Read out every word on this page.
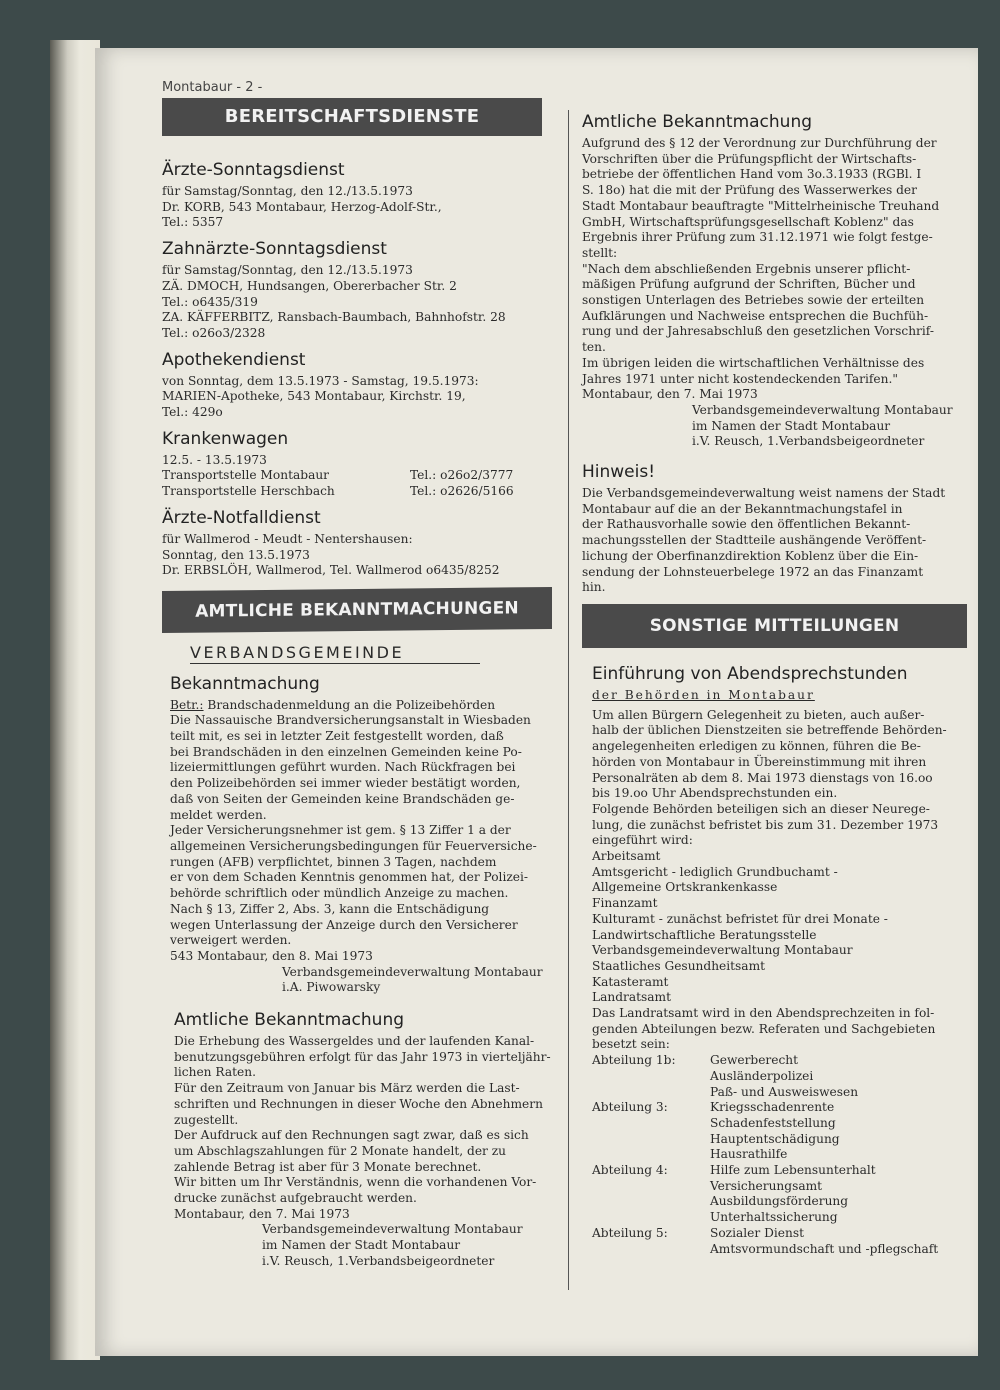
Montabaur - 2 -
BEREITSCHAFTSDIENSTE
Ärzte-Sonntagsdienst
für Samstag/Sonntag, den 12./13.5.1973
Dr. KORB, 543 Montabaur, Herzog-Adolf-Str.,
Tel.: 5357
Zahnärzte-Sonntagsdienst
für Samstag/Sonntag, den 12./13.5.1973
ZÄ. DMOCH, Hundsangen, Obererbacher Str. 2
Tel.: o6435/319
ZA. KÄFFERBITZ, Ransbach-Baumbach, Bahnhofstr. 28
Tel.: o26o3/2328
Apothekendienst
von Sonntag, dem 13.5.1973 - Samstag, 19.5.1973:
MARIEN-Apotheke, 543 Montabaur, Kirchstr. 19,
Tel.: 429o
Krankenwagen
12.5. - 13.5.1973
Transportstelle Montabaur	Tel.: o26o2/3777
Transportstelle Herschbach	Tel.: o2626/5166
Ärzte-Notfalldienst
für Wallmerod - Meudt - Nentershausen:
Sonntag, den 13.5.1973
Dr. ERBSLÖH, Wallmerod, Tel. Wallmerod o6435/8252
AMTLICHE BEKANNTMACHUNGEN
VERBANDSGEMEINDE
Bekanntmachung
Betr.: Brandschadenmeldung an die Polizeibehörden
Die Nassauische Brandversicherungsanstalt in Wiesbaden
teilt mit, es sei in letzter Zeit festgestellt worden, daß
bei Brandschäden in den einzelnen Gemeinden keine Po-
lizeiermittlungen geführt wurden. Nach Rückfragen bei
den Polizeibehörden sei immer wieder bestätigt worden,
daß von Seiten der Gemeinden keine Brandschäden ge-
meldet werden.
Jeder Versicherungsnehmer ist gem. § 13 Ziffer 1 a der
allgemeinen Versicherungsbedingungen für Feuerversiche-
rungen (AFB) verpflichtet, binnen 3 Tagen, nachdem
er von dem Schaden Kenntnis genommen hat, der Polizei-
behörde schriftlich oder mündlich Anzeige zu machen.
Nach § 13, Ziffer 2, Abs. 3, kann die Entschädigung
wegen Unterlassung der Anzeige durch den Versicherer
verweigert werden.
543 Montabaur, den 8. Mai 1973
Verbandsgemeindeverwaltung Montabaur
i.A. Piwowarsky
Amtliche Bekanntmachung
Die Erhebung des Wassergeldes und der laufenden Kanal-
benutzungsgebühren erfolgt für das Jahr 1973 in vierteljähr-
lichen Raten.
Für den Zeitraum von Januar bis März werden die Last-
schriften und Rechnungen in dieser Woche den Abnehmern
zugestellt.
Der Aufdruck auf den Rechnungen sagt zwar, daß es sich
um Abschlagszahlungen für 2 Monate handelt, der zu
zahlende Betrag ist aber für 3 Monate berechnet.
Wir bitten um Ihr Verständnis, wenn die vorhandenen Vor-
drucke zunächst aufgebraucht werden.
Montabaur, den 7. Mai 1973
Verbandsgemeindeverwaltung Montabaur
im Namen der Stadt Montabaur
i.V. Reusch, 1.Verbandsbeigeordneter
Amtliche Bekanntmachung
Aufgrund des § 12 der Verordnung zur Durchführung der
Vorschriften über die Prüfungspflicht der Wirtschafts-
betriebe der öffentlichen Hand vom 3o.3.1933 (RGBl. I
S. 18o) hat die mit der Prüfung des Wasserwerkes der
Stadt Montabaur beauftragte "Mittelrheinische Treuhand
GmbH, Wirtschaftsprüfungsgesellschaft Koblenz" das
Ergebnis ihrer Prüfung zum 31.12.1971 wie folgt festge-
stellt:
"Nach dem abschließenden Ergebnis unserer pflicht-
mäßigen Prüfung aufgrund der Schriften, Bücher und
sonstigen Unterlagen des Betriebes sowie der erteilten
Aufklärungen und Nachweise entsprechen die Buchfüh-
rung und der Jahresabschluß den gesetzlichen Vorschrif-
ten.
Im übrigen leiden die wirtschaftlichen Verhältnisse des
Jahres 1971 unter nicht kostendeckenden Tarifen."
Montabaur, den 7. Mai 1973
Verbandsgemeindeverwaltung Montabaur
im Namen der Stadt Montabaur
i.V. Reusch, 1.Verbandsbeigeordneter
Hinweis!
Die Verbandsgemeindeverwaltung weist namens der Stadt
Montabaur auf die an der Bekanntmachungstafel in
der Rathausvorhalle sowie den öffentlichen Bekannt-
machungsstellen der Stadtteile aushängende Veröffent-
lichung der Oberfinanzdirektion Koblenz über die Ein-
sendung der Lohnsteuerbelege 1972 an das Finanzamt
hin.
SONSTIGE MITTEILUNGEN
Einführung von Abendsprechstunden
der Behörden in Montabaur
Um allen Bürgern Gelegenheit zu bieten, auch außer-
halb der üblichen Dienstzeiten sie betreffende Behörden-
angelegenheiten erledigen zu können, führen die Be-
hörden von Montabaur in Übereinstimmung mit ihren
Personalräten ab dem 8. Mai 1973 dienstags von 16.oo
bis 19.oo Uhr Abendsprechstunden ein.
Folgende Behörden beteiligen sich an dieser Neurege-
lung, die zunächst befristet bis zum 31. Dezember 1973
eingeführt wird:
Arbeitsamt
Amtsgericht - lediglich Grundbuchamt -
Allgemeine Ortskrankenkasse
Finanzamt
Kulturamt - zunächst befristet für drei Monate -
Landwirtschaftliche Beratungsstelle
Verbandsgemeindeverwaltung Montabaur
Staatliches Gesundheitsamt
Katasteramt
Landratsamt
Das Landratsamt wird in den Abendsprechzeiten in fol-
genden Abteilungen bezw. Referaten und Sachgebieten
besetzt sein:
Abteilung 1b:	Gewerberecht
Ausländerpolizei
Paß- und Ausweiswesen
Abteilung 3:	Kriegsschadenrente
Schadenfeststellung
Hauptentschädigung
Hausrathilfe
Abteilung 4:	Hilfe zum Lebensunterhalt
Versicherungsamt
Ausbildungsförderung
Unterhaltssicherung
Abteilung 5:	Sozialer Dienst
Amtsvormundschaft und -pflegschaft
